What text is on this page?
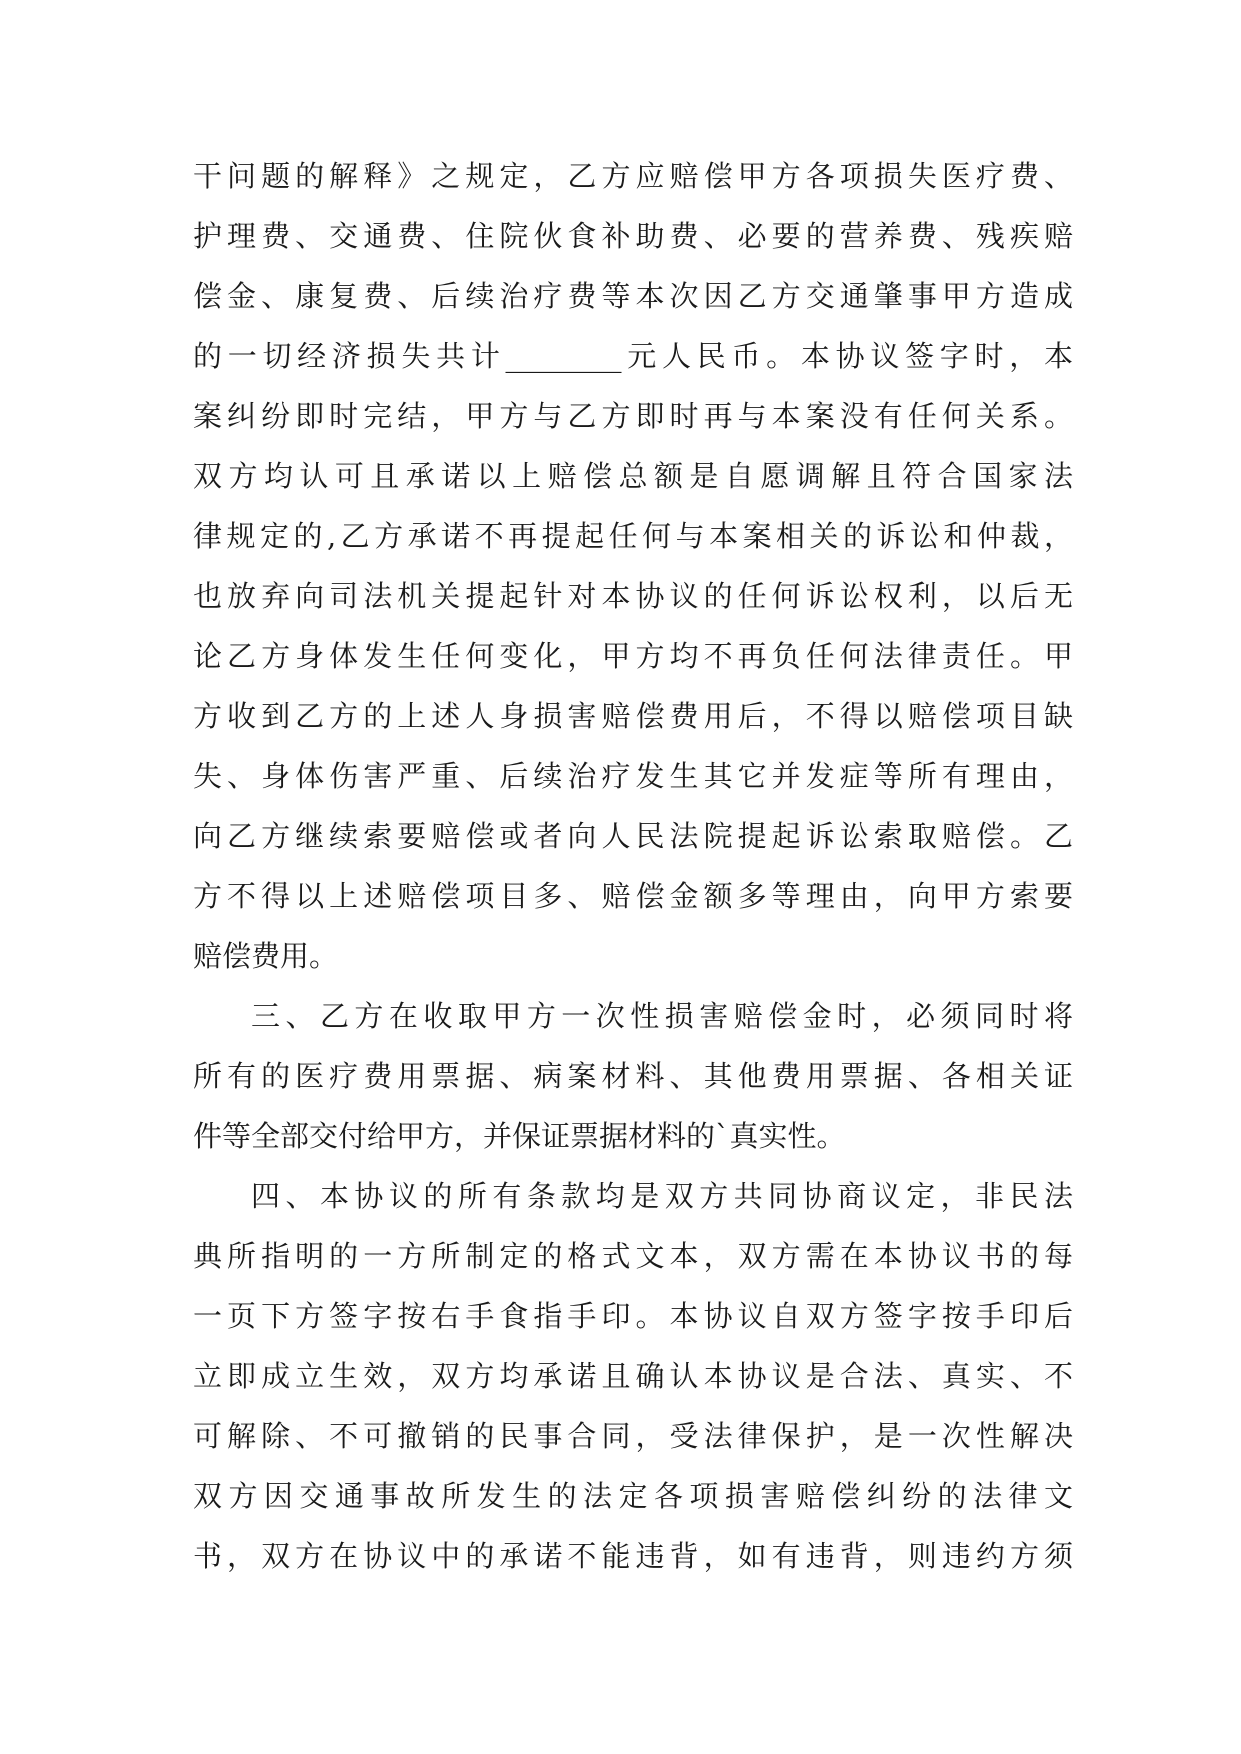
干问题的解释》之规定，乙方应赔偿甲方各项损失医疗费、
护理费、交通费、住院伙食补助费、必要的营养费、残疾赔
偿金、康复费、后续治疗费等本次因乙方交通肇事甲方造成
的一切经济损失共计________元人民币。本协议签字时，本
案纠纷即时完结，甲方与乙方即时再与本案没有任何关系。
双方均认可且承诺以上赔偿总额是自愿调解且符合国家法
律规定的,乙方承诺不再提起任何与本案相关的诉讼和仲裁，
也放弃向司法机关提起针对本协议的任何诉讼权利，以后无
论乙方身体发生任何变化，甲方均不再负任何法律责任。甲
方收到乙方的上述人身损害赔偿费用后，不得以赔偿项目缺
失、身体伤害严重、后续治疗发生其它并发症等所有理由，
向乙方继续索要赔偿或者向人民法院提起诉讼索取赔偿。乙
方不得以上述赔偿项目多、赔偿金额多等理由，向甲方索要
赔偿费用。
三、乙方在收取甲方一次性损害赔偿金时，必须同时将
所有的医疗费用票据、病案材料、其他费用票据、各相关证
件等全部交付给甲方，并保证票据材料的`真实性。
四、本协议的所有条款均是双方共同协商议定，非民法
典所指明的一方所制定的格式文本，双方需在本协议书的每
一页下方签字按右手食指手印。本协议自双方签字按手印后
立即成立生效，双方均承诺且确认本协议是合法、真实、不
可解除、不可撤销的民事合同，受法律保护，是一次性解决
双方因交通事故所发生的法定各项损害赔偿纠纷的法律文
书，双方在协议中的承诺不能违背，如有违背，则违约方须
